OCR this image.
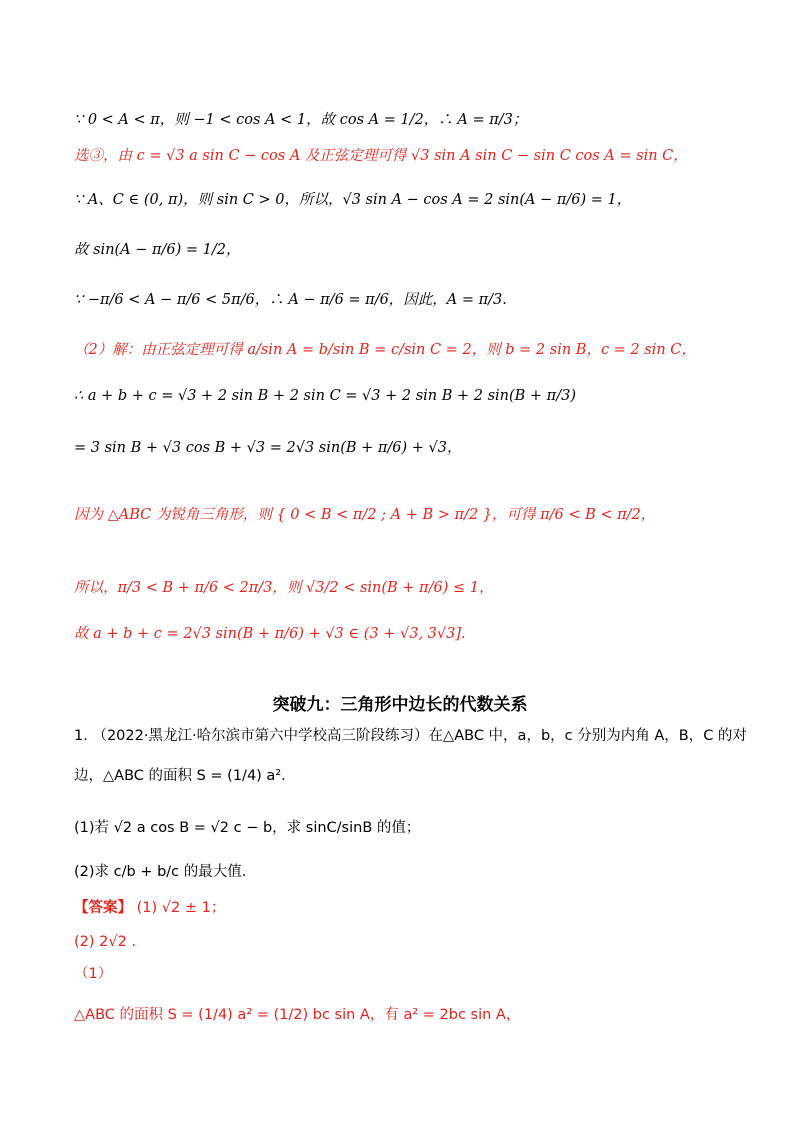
∵ 0 < A < π，则 −1 < cos A < 1，故 cos A = 1/2，∴ A = π/3；
选③，由 c = √3 a sin C − cos A 及正弦定理可得 √3 sin A sin C − sin C cos A = sin C，
∵ A、C ∈ (0, π)，则 sin C > 0，所以，√3 sin A − cos A = 2 sin(A − π/6) = 1，
故 sin(A − π/6) = 1/2，
∵ −π/6 < A − π/6 < 5π/6，∴ A − π/6 = π/6，因此，A = π/3.
（2）解：由正弦定理可得 a/sin A = b/sin B = c/sin C = 2，则 b = 2 sin B，c = 2 sin C，
∴ a + b + c = √3 + 2 sin B + 2 sin C = √3 + 2 sin B + 2 sin(B + π/3)
= 3 sin B + √3 cos B + √3 = 2√3 sin(B + π/6) + √3，
因为 △ABC 为锐角三角形，则 { 0 < B < π/2 ; A + B > π/2 }，可得 π/6 < B < π/2，
所以，π/3 < B + π/6 < 2π/3，则 √3/2 < sin(B + π/6) ≤ 1，
故 a + b + c = 2√3 sin(B + π/6) + √3 ∈ (3 + √3, 3√3].
突破九：三角形中边长的代数关系
1. （2022·黑龙江·哈尔滨市第六中学校高三阶段练习）在△ABC 中，a，b，c 分别为内角 A，B，C 的对
边，△ABC 的面积 S = (1/4) a²．
(1)若 √2 a cos B = √2 c − b，求 sinC/sinB 的值；
(2)求 c/b + b/c 的最大值.
【答案】 (1) √2 ± 1；
(2) 2√2 .
（1）
△ABC 的面积 S = (1/4) a² = (1/2) bc sin A，有 a² = 2bc sin A，
